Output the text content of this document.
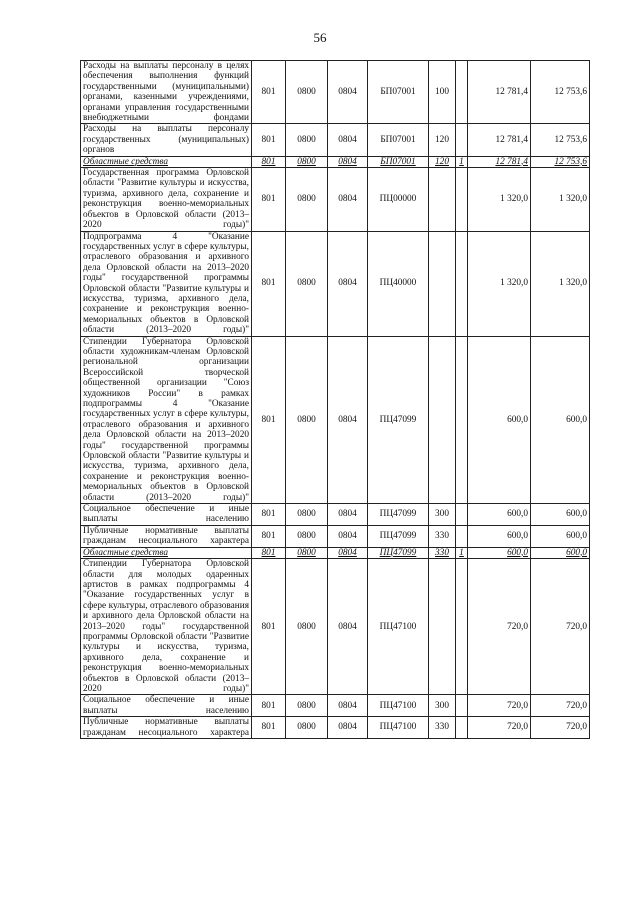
56
Расходы на выплаты персоналу в целях обеспечения выполнения функций государственными (муниципальными) органами, казенными учреждениями, органами управления государственными внебюджетными фондами	801	0800	0804	БП07001	100		12 781,4	12 753,6
Расходы на выплаты персоналу государственных (муниципальных) органов	801	0800	0804	БП07001	120		12 781,4	12 753,6
Областные средства	801	0800	0804	БП07001	120	1	12 781,4	12 753,6
Государственная программа Орловской области "Развитие культуры и искусства, туризма, архивного дела, сохранение и реконструкция военно-мемориальных объектов в Орловской области (2013–2020 годы)"	801	0800	0804	ПЦ00000			1 320,0	1 320,0
Подпрограмма 4 "Оказание государственных услуг в сфере культуры, отраслевого образования и архивного дела Орловской области на 2013–2020 годы" государственной программы Орловской области "Развитие культуры и искусства, туризма, архивного дела, сохранение и реконструкция военно-мемориальных объектов в Орловской области (2013–2020 годы)"	801	0800	0804	ПЦ40000			1 320,0	1 320,0
Стипендии Губернатора Орловской области художникам-членам Орловской региональной организации Всероссийской творческой общественной организации "Союз художников России" в рамках подпрограммы 4 "Оказание государственных услуг в сфере культуры, отраслевого образования и архивного дела Орловской области на 2013–2020 годы" государственной программы Орловской области "Развитие культуры и искусства, туризма, архивного дела, сохранение и реконструкция военно-мемориальных объектов в Орловской области (2013–2020 годы)"	801	0800	0804	ПЦ47099			600,0	600,0
Социальное обеспечение и иные выплаты населению	801	0800	0804	ПЦ47099	300		600,0	600,0
Публичные нормативные выплаты гражданам несоциального характера	801	0800	0804	ПЦ47099	330		600,0	600,0
Областные средства	801	0800	0804	ПЦ47099	330	1	600,0	600,0
Стипендии Губернатора Орловской области для молодых одаренных артистов в рамках подпрограммы 4 "Оказание государственных услуг в сфере культуры, отраслевого образования и архивного дела Орловской области на 2013–2020 годы" государственной программы Орловской области "Развитие культуры и искусства, туризма, архивного дела, сохранение и реконструкция военно-мемориальных объектов в Орловской области (2013–2020 годы)"	801	0800	0804	ПЦ47100			720,0	720,0
Социальное обеспечение и иные выплаты населению	801	0800	0804	ПЦ47100	300		720,0	720,0
Публичные нормативные выплаты гражданам несоциального характера	801	0800	0804	ПЦ47100	330		720,0	720,0
